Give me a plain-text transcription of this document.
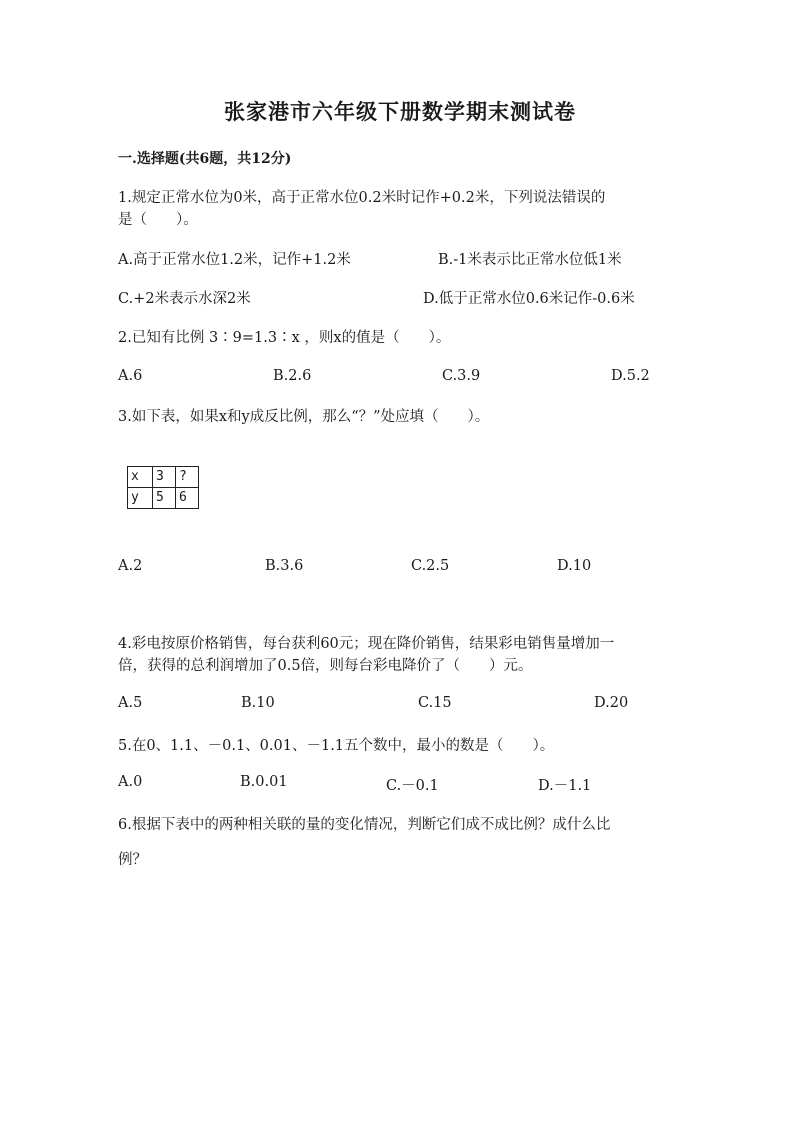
张家港市六年级下册数学期末测试卷
一.选择题(共6题，共12分)
1.规定正常水位为0米，高于正常水位0.2米时记作+0.2米，下列说法错误的
是（　　）。
A.高于正常水位1.2米，记作+1.2米	B.-1米表示比正常水位低1米
C.+2米表示水深2米	D.低于正常水位0.6米记作-0.6米
2.已知有比例 3∶9=1.3∶x ，则x的值是（　　）。
A.6	B.2.6	C.3.9	D.5.2
3.如下表，如果x和y成反比例，那么“？”处应填（　　）。
x	3	?
y	5	6
A.2	B.3.6	C.2.5	D.10
4.彩电按原价格销售，每台获利60元；现在降价销售，结果彩电销售量增加一
倍，获得的总利润增加了0.5倍，则每台彩电降价了（　　）元。
A.5	B.10	C.15	D.20
5.在0、1.1、－0.1、0.01、－1.1五个数中，最小的数是（　　）。
A.0	B.0.01	C.－0.1	D.－1.1
6.根据下表中的两种相关联的量的变化情况，判断它们成不成比例？成什么比
例？
